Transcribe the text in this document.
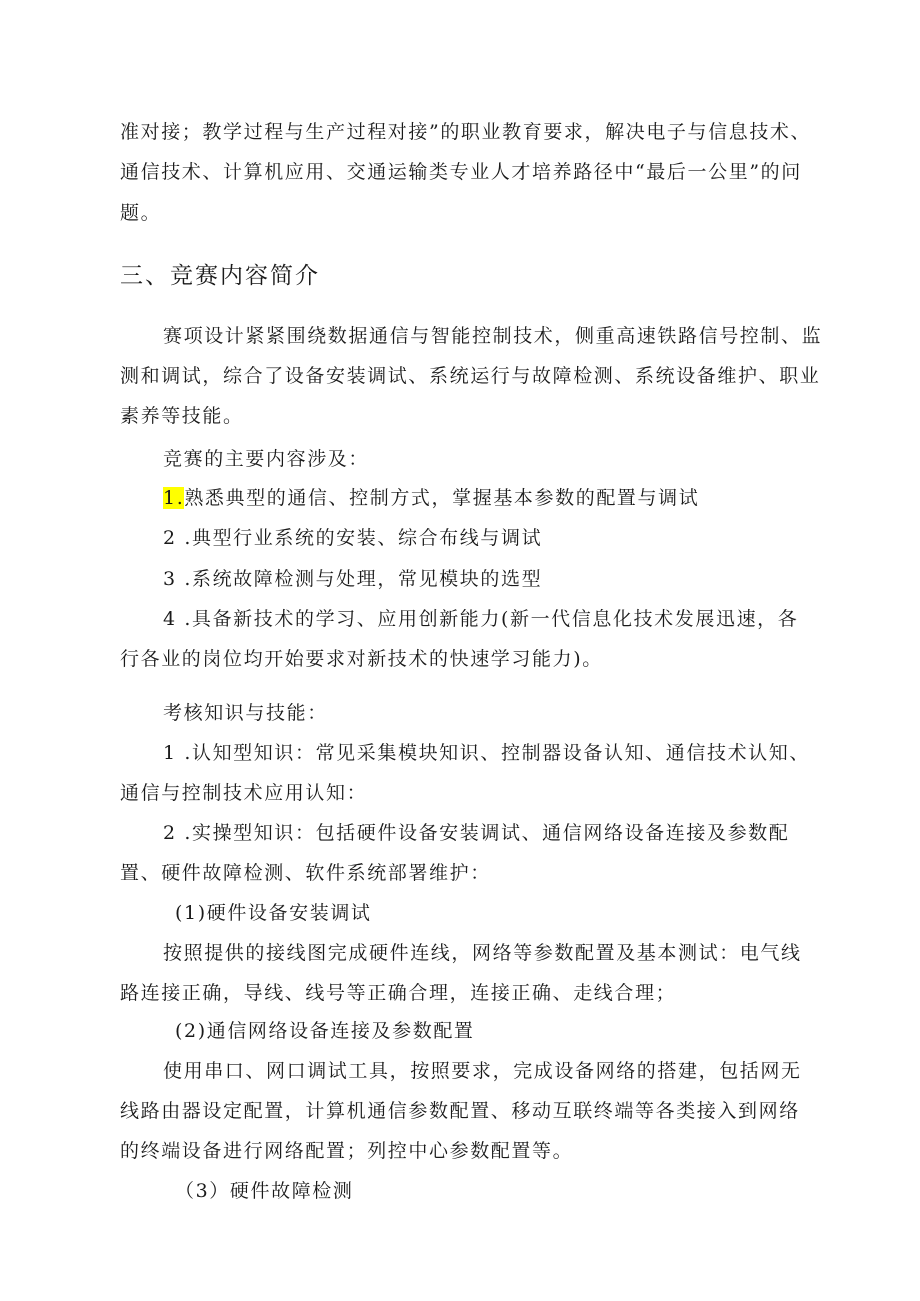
准对接；教学过程与生产过程对接”的职业教育要求，解决电子与信息技术、
通信技术、计算机应用、交通运输类专业人才培养路径中“最后一公里”的问
题。
三、竞赛内容简介
赛项设计紧紧围绕数据通信与智能控制技术，侧重高速铁路信号控制、监
测和调试，综合了设备安装调试、系统运行与故障检测、系统设备维护、职业
素养等技能。
竞赛的主要内容涉及：
1.熟悉典型的通信、控制方式，掌握基本参数的配置与调试
2 .典型行业系统的安装、综合布线与调试
3 .系统故障检测与处理，常见模块的选型
4 .具备新技术的学习、应用创新能力(新一代信息化技术发展迅速，各
行各业的岗位均开始要求对新技术的快速学习能力)。
考核知识与技能：
1 .认知型知识：常见采集模块知识、控制器设备认知、通信技术认知、
通信与控制技术应用认知：
2 .实操型知识：包括硬件设备安装调试、通信网络设备连接及参数配
置、硬件故障检测、软件系统部署维护：
(1)硬件设备安装调试
按照提供的接线图完成硬件连线，网络等参数配置及基本测试：电气线
路连接正确，导线、线号等正确合理，连接正确、走线合理；
(2)通信网络设备连接及参数配置
使用串口、网口调试工具，按照要求，完成设备网络的搭建，包括网无
线路由器设定配置，计算机通信参数配置、移动互联终端等各类接入到网络
的终端设备进行网络配置；列控中心参数配置等。
（3）硬件故障检测
